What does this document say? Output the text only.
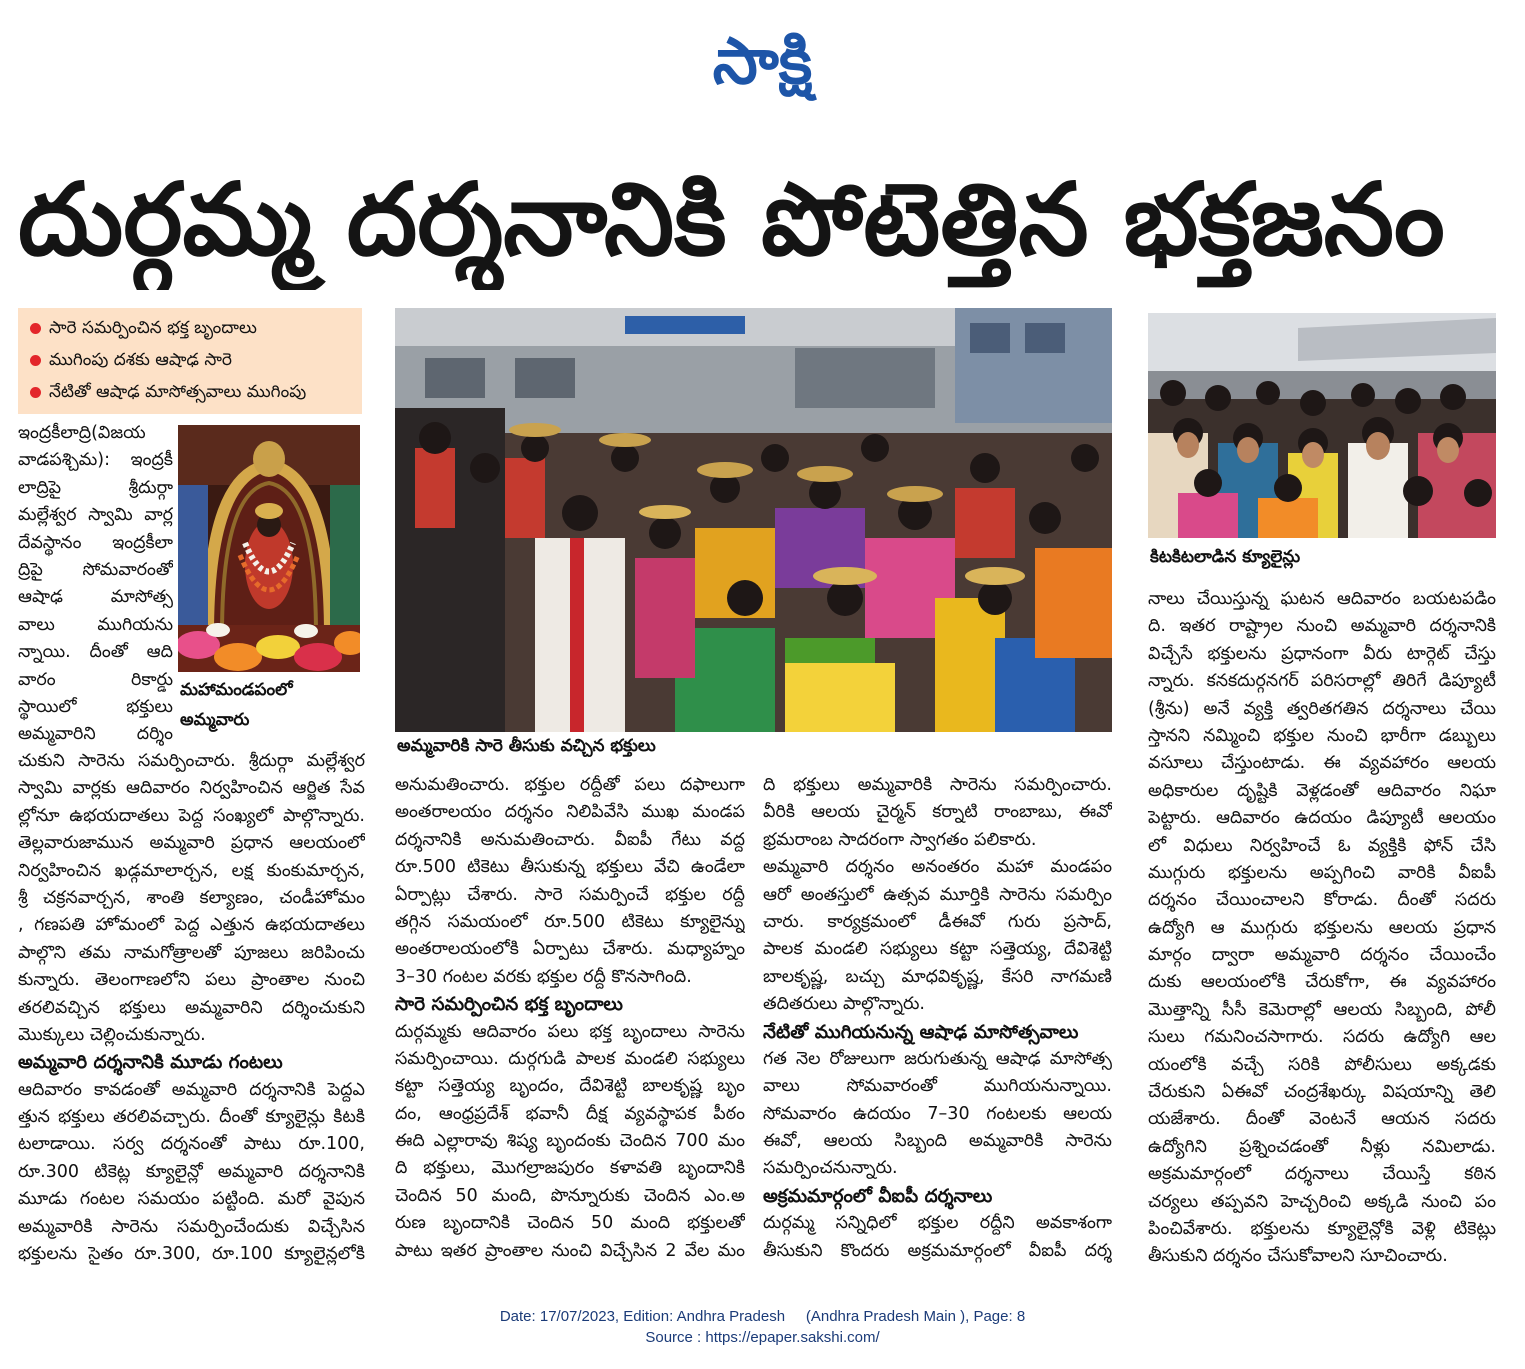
సాక్షి
దుర్గమ్మ దర్శనానికి పోటెత్తిన భక్తజనం
సారె సమర్పించిన భక్త బృందాలు
ముగింపు దశకు ఆషాఢ సారె
నేటితో ఆషాఢ మాసోత్సవాలు ముగింపు
మహామండపంలో
అమ్మవారు
అమ్మవారికి సారె తీసుకు వచ్చిన భక్తులు
కిటకిటలాడిన క్యూలైన్లు
ఇంద్రకీలాద్రి(విజయ
వాడపశ్చిమ): ఇంద్రకీ
లాద్రిపై శ్రీదుర్గా
మల్లేశ్వర స్వామి వార్ల
దేవస్థానం ఇంద్రకీలా
ద్రిపై సోమవారంతో
ఆషాఢ మాసోత్స
వాలు ముగియను
న్నాయి. దీంతో ఆది
వారం రికార్డు
స్థాయిలో భక్తులు
అమ్మవారిని దర్శిం
చుకుని సారెను సమర్పించారు. శ్రీదుర్గా మల్లేశ్వర
స్వామి వార్లకు ఆదివారం నిర్వహించిన ఆర్జిత సేవ
ల్లోనూ ఉభయదాతలు పెద్ద సంఖ్యలో పాల్గొన్నారు.
తెల్లవారుజామున అమ్మవారి ప్రధాన ఆలయంలో
నిర్వహించిన ఖడ్గమాలార్చన, లక్ష కుంకుమార్చన,
శ్రీ చక్రనవార్చన, శాంతి కల్యాణం, చండీహోమం
, గణపతి హోమంలో పెద్ద ఎత్తున ఉభయదాతలు
పాల్గొని తమ నామగోత్రాలతో పూజలు జరిపించు
కున్నారు. తెలంగాణలోని పలు ప్రాంతాల నుంచి
తరలివచ్చిన భక్తులు అమ్మవారిని దర్శించుకుని
మొక్కులు చెల్లించుకున్నారు.
అమ్మవారి దర్శనానికి మూడు గంటలు
ఆదివారం కావడంతో అమ్మవారి దర్శనానికి పెద్దఎ
త్తున భక్తులు తరలివచ్చారు. దీంతో క్యూలైన్లు కిటకి
టలాడాయి. సర్వ దర్శనంతో పాటు రూ.100,
రూ.300 టికెట్ల క్యూలైన్లో అమ్మవారి దర్శనానికి
మూడు గంటల సమయం పట్టింది. మరో వైపున
అమ్మవారికి సారెను సమర్పించేందుకు విచ్చేసిన
భక్తులను సైతం రూ.300, రూ.100 క్యూలైన్లలోకి
అనుమతించారు. భక్తుల రద్దీతో పలు దఫాలుగా
అంతరాలయం దర్శనం నిలిపివేసి ముఖ మండప
దర్శనానికి అనుమతించారు. వీఐపీ గేటు వద్ద
రూ.500 టికెటు తీసుకున్న భక్తులు వేచి ఉండేలా
ఏర్పాట్లు చేశారు. సారె సమర్పించే భక్తుల రద్దీ
తగ్గిన సమయంలో రూ.500 టికెటు క్యూలైన్ను
అంతరాలయంలోకి ఏర్పాటు చేశారు. మధ్యాహ్నం
3–30 గంటల వరకు భక్తుల రద్దీ కొనసాగింది.
సారె సమర్పించిన భక్త బృందాలు
దుర్గమ్మకు ఆదివారం పలు భక్త బృందాలు సారెను
సమర్పించాయి. దుర్గగుడి పాలక మండలి సభ్యులు
కట్టా సత్తెయ్య బృందం, దేవిశెట్టి బాలకృష్ణ బృం
దం, ఆంధ్రప్రదేశ్ భవానీ దీక్ష వ్యవస్థాపక పీఠం
ఈది ఎల్లారావు శిష్య బృందంకు చెందిన 700 మం
ది భక్తులు, మొగల్రాజపురం కళావతి బృందానికి
చెందిన 50 మంది, పొన్నూరుకు చెందిన ఎం.అ
రుణ బృందానికి చెందిన 50 మంది భక్తులతో
పాటు ఇతర ప్రాంతాల నుంచి విచ్చేసిన 2 వేల మం
ది భక్తులు అమ్మవారికి సారెను సమర్పించారు.
వీరికి ఆలయ చైర్మన్ కర్నాటి రాంబాబు, ఈవో
భ్రమరాంబ సాదరంగా స్వాగతం పలికారు.
అమ్మవారి దర్శనం అనంతరం మహా మండపం
ఆరో అంతస్తులో ఉత్సవ మూర్తికి సారెను సమర్పిం
చారు. కార్యక్రమంలో డీఈవో గురు ప్రసాద్,
పాలక మండలి సభ్యులు కట్టా సత్తెయ్య, దేవిశెట్టి
బాలకృష్ణ, బచ్చు మాధవికృష్ణ, కేసరి నాగమణి
తదితరులు పాల్గొన్నారు.
నేటితో ముగియనున్న ఆషాఢ మాసోత్సవాలు
గత నెల రోజులుగా జరుగుతున్న ఆషాఢ మాసోత్స
వాలు సోమవారంతో ముగియనున్నాయి.
సోమవారం ఉదయం 7–30 గంటలకు ఆలయ
ఈవో, ఆలయ సిబ్బంది అమ్మవారికి సారెను
సమర్పించనున్నారు.
అక్రమమార్గంలో వీఐపీ దర్శనాలు
దుర్గమ్మ సన్నిధిలో భక్తుల రద్దీని అవకాశంగా
తీసుకుని కొందరు అక్రమమార్గంలో వీఐపీ దర్శ
నాలు చేయిస్తున్న ఘటన ఆదివారం బయటపడిం
ది. ఇతర రాష్ట్రాల నుంచి అమ్మవారి దర్శనానికి
విచ్చేసే భక్తులను ప్రధానంగా వీరు టార్గెట్ చేస్తు
న్నారు. కనకదుర్గనగర్ పరిసరాల్లో తిరిగే డిప్యూటీ
(శ్రీను) అనే వ్యక్తి త్వరితగతిన దర్శనాలు చేయి
స్తానని నమ్మించి భక్తుల నుంచి భారీగా డబ్బులు
వసూలు చేస్తుంటాడు. ఈ వ్యవహారం ఆలయ
అధికారుల దృష్టికి వెళ్లడంతో ఆదివారం నిఘా
పెట్టారు. ఆదివారం ఉదయం డిప్యూటీ ఆలయం
లో విధులు నిర్వహించే ఓ వ్యక్తికి ఫోన్ చేసి
ముగ్గురు భక్తులను అప్పగించి వారికి వీఐపీ
దర్శనం చేయించాలని కోరాడు. దీంతో సదరు
ఉద్యోగి ఆ ముగ్గురు భక్తులను ఆలయ ప్రధాన
మార్గం ద్వారా అమ్మవారి దర్శనం చేయించేం
దుకు ఆలయంలోకి చేరుకోగా, ఈ వ్యవహారం
మొత్తాన్ని సీసీ కెమెరాల్లో ఆలయ సిబ్బంది, పోలీ
సులు గమనించసాగారు. సదరు ఉద్యోగి ఆల
యంలోకి వచ్చే సరికి పోలీసులు అక్కడకు
చేరుకుని ఏఈవో చంద్రశేఖర్కు విషయాన్ని తెలి
యజేశారు. దీంతో వెంటనే ఆయన సదరు
ఉద్యోగిని ప్రశ్నించడంతో నీళ్లు నమిలాడు.
అక్రమమార్గంలో దర్శనాలు చేయిస్తే కఠిన
చర్యలు తప్పవని హెచ్చరించి అక్కడి నుంచి పం
పించివేశారు. భక్తులను క్యూలైన్లోకి వెళ్లి టికెట్లు
తీసుకుని దర్శనం చేసుకోవాలని సూచించారు.
Date: 17/07/2023, Edition: Andhra Pradesh     (Andhra Pradesh Main ), Page: 8
Source : https://epaper.sakshi.com/
